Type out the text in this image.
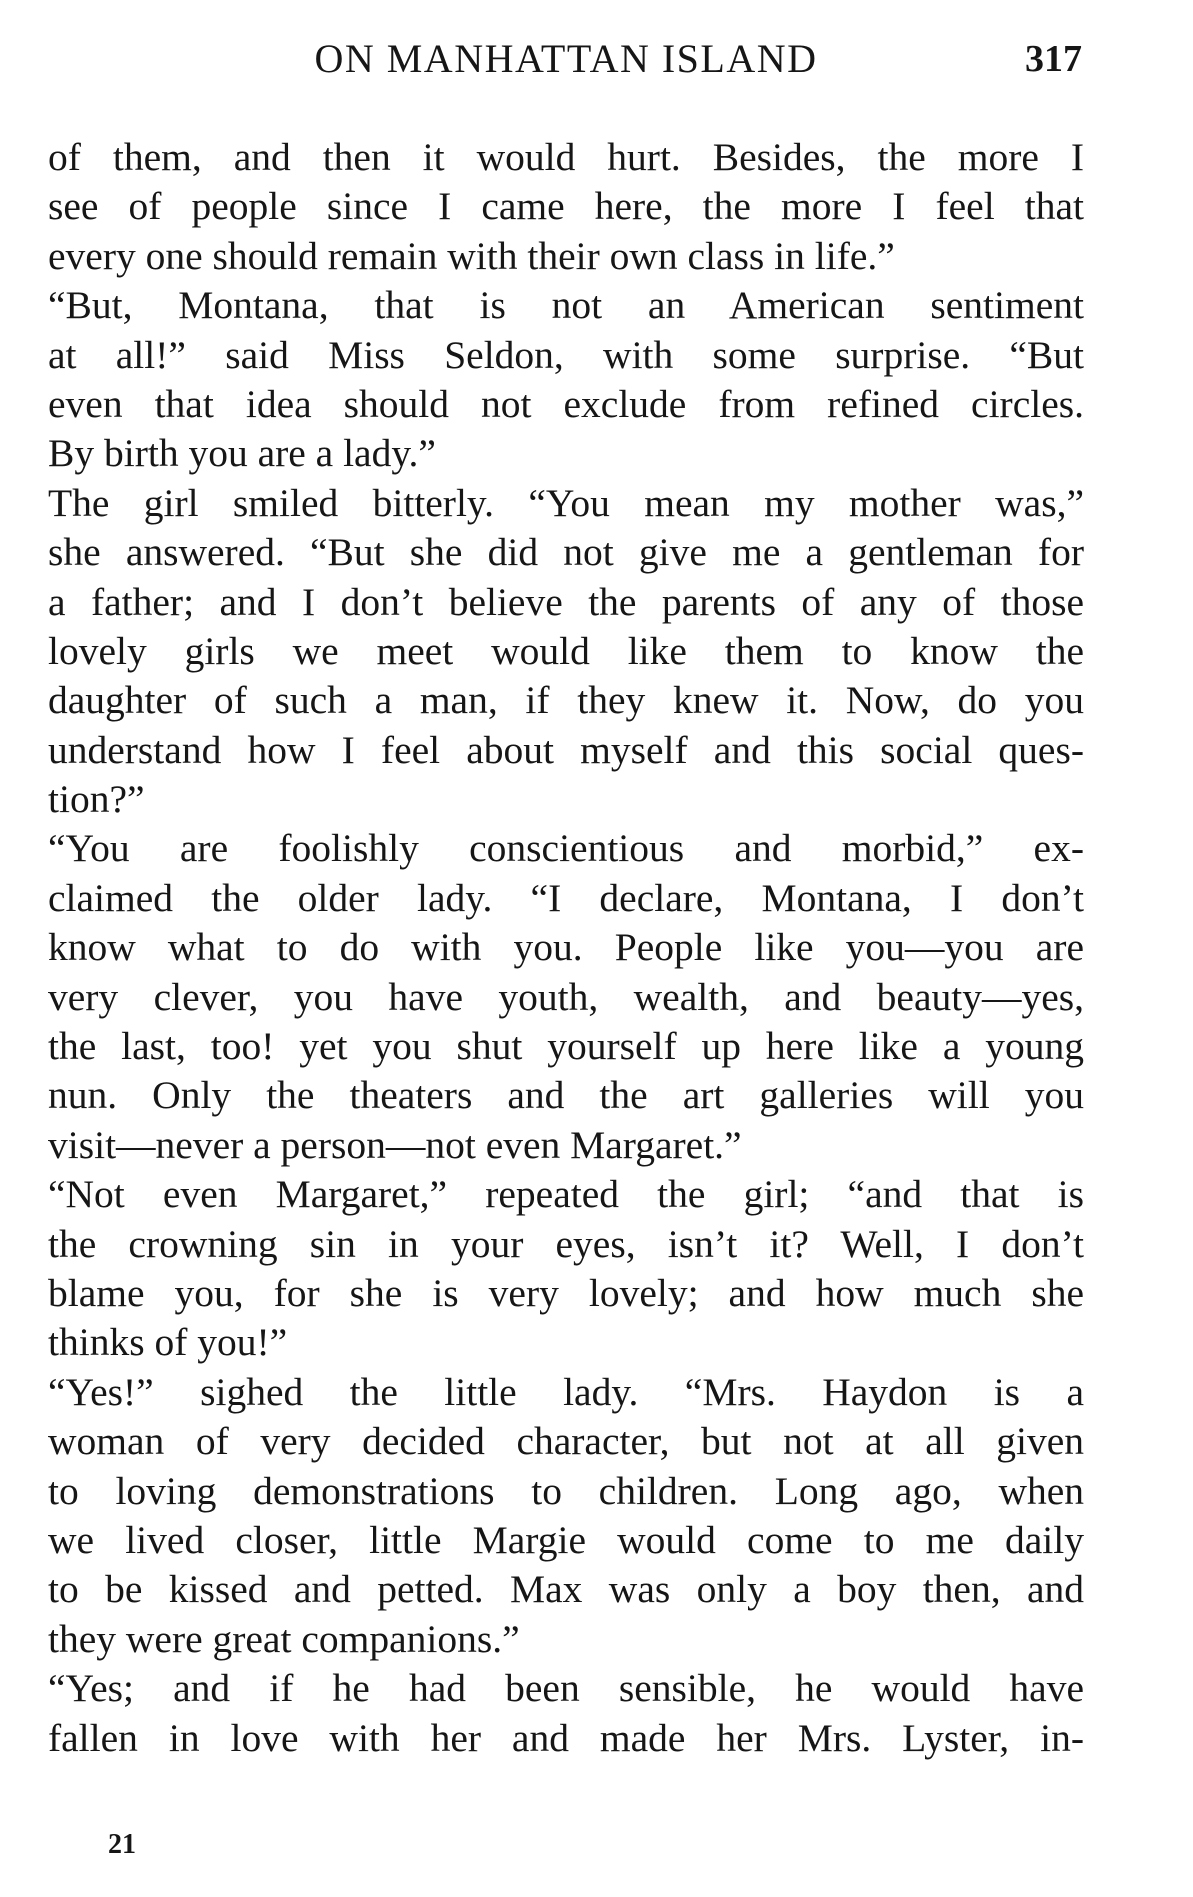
ON MANHATTAN ISLAND	317
of them, and then it would hurt. Besides, the more I
see of people since I came here, the more I feel that
every one should remain with their own class in life.”
“But, Montana, that is not an American sentiment
at all!” said Miss Seldon, with some surprise. “But
even that idea should not exclude from refined circles.
By birth you are a lady.”
The girl smiled bitterly. “You mean my mother was,”
she answered. “But she did not give me a gentleman for
a father; and I don’t believe the parents of any of those
lovely girls we meet would like them to know the
daughter of such a man, if they knew it. Now, do you
understand how I feel about myself and this social ques-
tion?”
“You are foolishly conscientious and morbid,” ex-
claimed the older lady. “I declare, Montana, I don’t
know what to do with you. People like you—you are
very clever, you have youth, wealth, and beauty—yes,
the last, too! yet you shut yourself up here like a young
nun. Only the theaters and the art galleries will you
visit—never a person—not even Margaret.”
“Not even Margaret,” repeated the girl; “and that is
the crowning sin in your eyes, isn’t it? Well, I don’t
blame you, for she is very lovely; and how much she
thinks of you!”
“Yes!” sighed the little lady. “Mrs. Haydon is a
woman of very decided character, but not at all given
to loving demonstrations to children. Long ago, when
we lived closer, little Margie would come to me daily
to be kissed and petted. Max was only a boy then, and
they were great companions.”
“Yes; and if he had been sensible, he would have
fallen in love with her and made her Mrs. Lyster, in-
21
